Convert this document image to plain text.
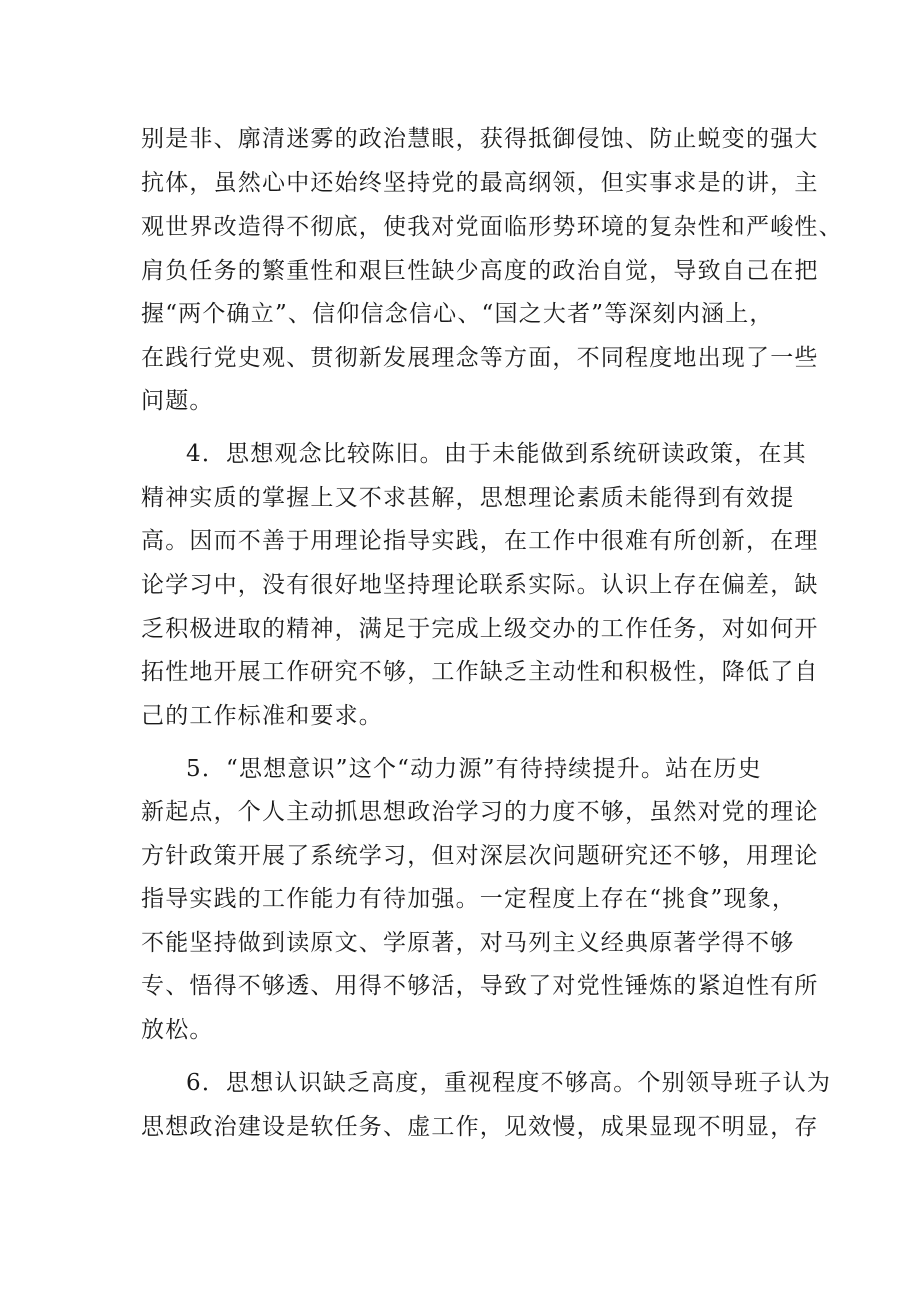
别是非、廓清迷雾的政治慧眼，获得抵御侵蚀、防止蜕变的强大

抗体，虽然心中还始终坚持党的最高纲领，但实事求是的讲，主

观世界改造得不彻底，使我对党面临形势环境的复杂性和严峻性、

肩负任务的繁重性和艰巨性缺少高度的政治自觉，导致自己在把

握“两个确立”、信仰信念信心、“国之大者”等深刻内涵上，

在践行党史观、贯彻新发展理念等方面，不同程度地出现了一些

问题。

4．思想观念比较陈旧。由于未能做到系统研读政策，在其

精神实质的掌握上又不求甚解，思想理论素质未能得到有效提

高。因而不善于用理论指导实践，在工作中很难有所创新，在理

论学习中，没有很好地坚持理论联系实际。认识上存在偏差，缺

乏积极进取的精神，满足于完成上级交办的工作任务，对如何开

拓性地开展工作研究不够，工作缺乏主动性和积极性，降低了自

己的工作标准和要求。

5．“思想意识”这个“动力源”有待持续提升。站在历史

新起点，个人主动抓思想政治学习的力度不够，虽然对党的理论

方针政策开展了系统学习，但对深层次问题研究还不够，用理论

指导实践的工作能力有待加强。一定程度上存在“挑食”现象，

不能坚持做到读原文、学原著，对马列主义经典原著学得不够

专、悟得不够透、用得不够活，导致了对党性锤炼的紧迫性有所

放松。

6．思想认识缺乏高度，重视程度不够高。个别领导班子认为

思想政治建设是软任务、虚工作，见效慢，成果显现不明显，存
